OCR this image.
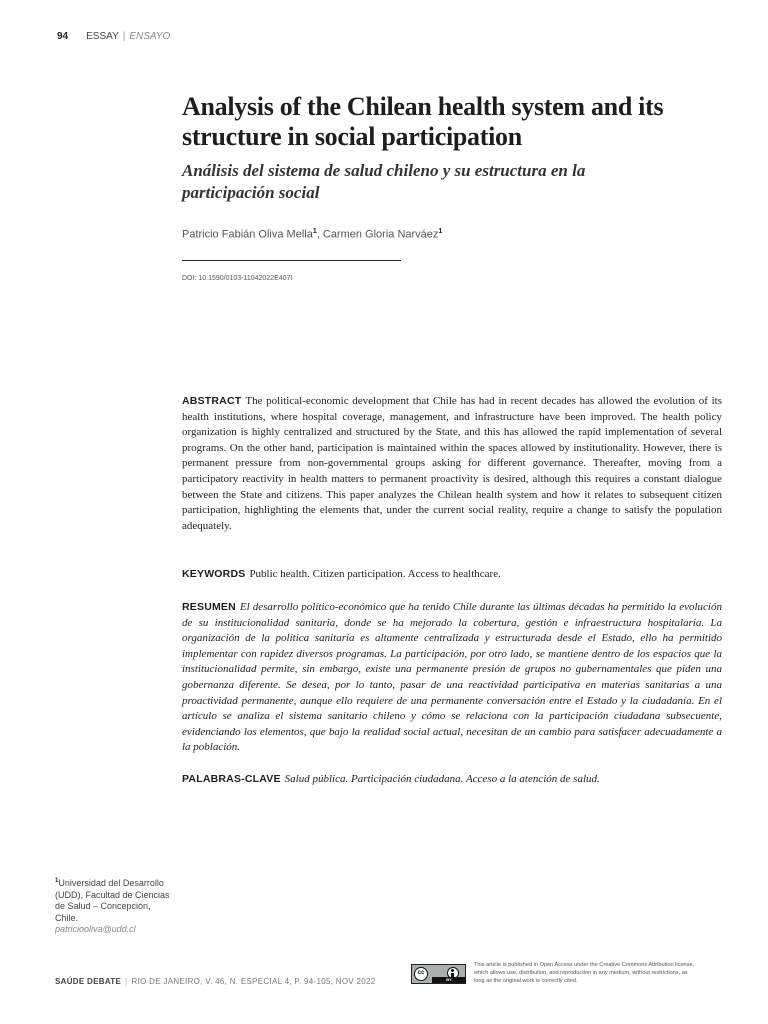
94 ESSAY | ENSAYO
Analysis of the Chilean health system and its structure in social participation
Análisis del sistema de salud chileno y su estructura en la participación social
Patricio Fabián Oliva Mella$^1$, Carmen Gloria Narváez$^1$
DOI: 10.1590/0103-11042022E407I

ABSTRACT The political-economic development that Chile has had in recent decades has allowed the evolution of its health institutions, where hospital coverage, management, and infrastructure have been improved. The health policy organization is highly centralized and structured by the State, and this has allowed the rapid implementation of several programs. On the other hand, participation is maintained within the spaces allowed by institutionality. However, there is permanent pressure from non-governmental groups asking for different governance. Thereafter, moving from a participatory reactivity in health matters to permanent proactivity is desired, although this requires a constant dialogue between the State and citizens. This paper analyzes the Chilean health system and how it relates to subsequent citizen participation, highlighting the elements that, under the current social reality, require a change to satisfy the population adequately.

KEYWORDS Public health. Citizen participation. Access to healthcare.

RESUMEN El desarrollo político-económico que ha tenido Chile durante las últimas décadas ha permitido la evolución de su institucionalidad sanitaria, donde se ha mejorado la cobertura, gestión e infraestructura hospitalaria. La organización de la política sanitaria es altamente centralizada y estructurada desde el Estado, ello ha permitido implementar con rapidez diversos programas. La participación, por otro lado, se mantiene dentro de los espacios que la institucionalidad permite, sin embargo, existe una permanente presión de grupos no gubernamentales que piden una gobernanza diferente. Se desea, por lo tanto, pasar de una reactividad participativa en materias sanitarias a una proactividad permanente, aunque ello requiere de una permanente conversación entre el Estado y la ciudadanía. En el artículo se analiza el sistema sanitario chileno y cómo se relaciona con la participación ciudadana subsecuente, evidenciando los elementos, que bajo la realidad social actual, necesitan de un cambio para satisfacer adecuadamente a la población.

PALABRAS-CLAVE Salud pública. Participación ciudadana. Acceso a la atención de salud.

$^1$Universidad del Desarrollo (UDD), Facultad de Ciencias de Salud – Concepción, Chile.
patriciooliva@udd.cl
SAÚDE DEBATE | RIO DE JANEIRO, V. 46, N. ESPECIAL 4, P. 94-105, NOV 2022
cc
BY
This article is published in Open Access under the Creative Commons Attribution license, which allows use, distribution, and reproduction in any medium, without restrictions, as long as the original work is correctly cited.
